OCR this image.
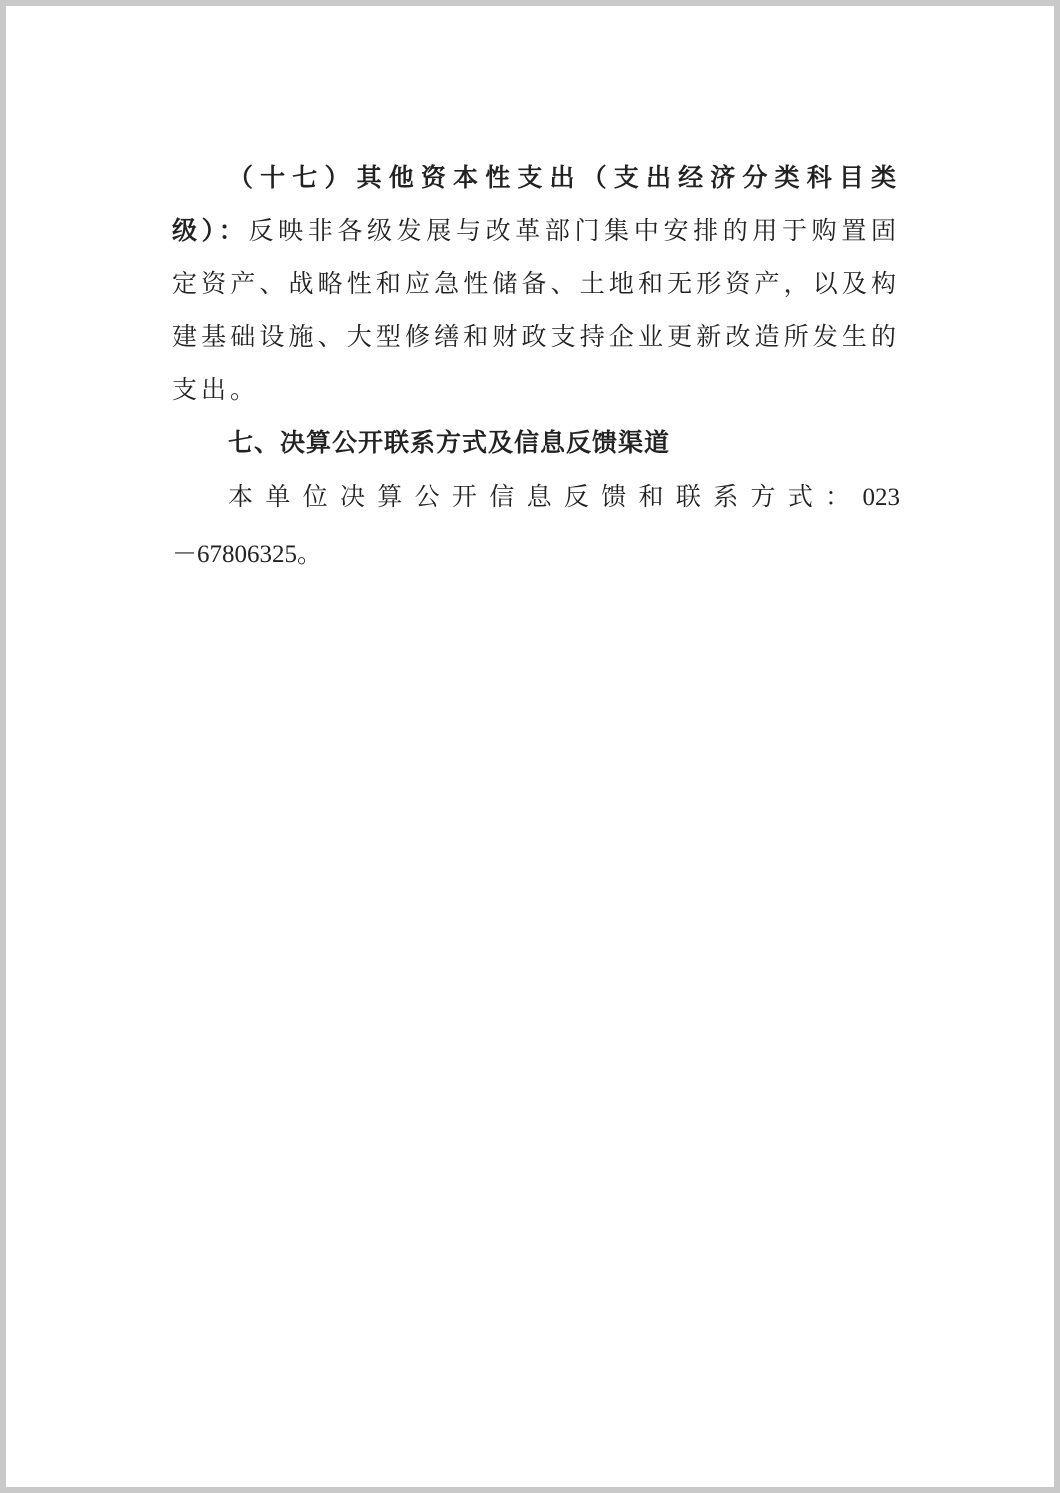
（十七）其他资本性支出（支出经济分类科目类级）：反映非各级发展与改革部门集中安排的用于购置固定资产、战略性和应急性储备、土地和无形资产，以及构建基础设施、大型修缮和财政支持企业更新改造所发生的支出。

七、决算公开联系方式及信息反馈渠道

本单位决算公开信息反馈和联系方式：023－67806325。
